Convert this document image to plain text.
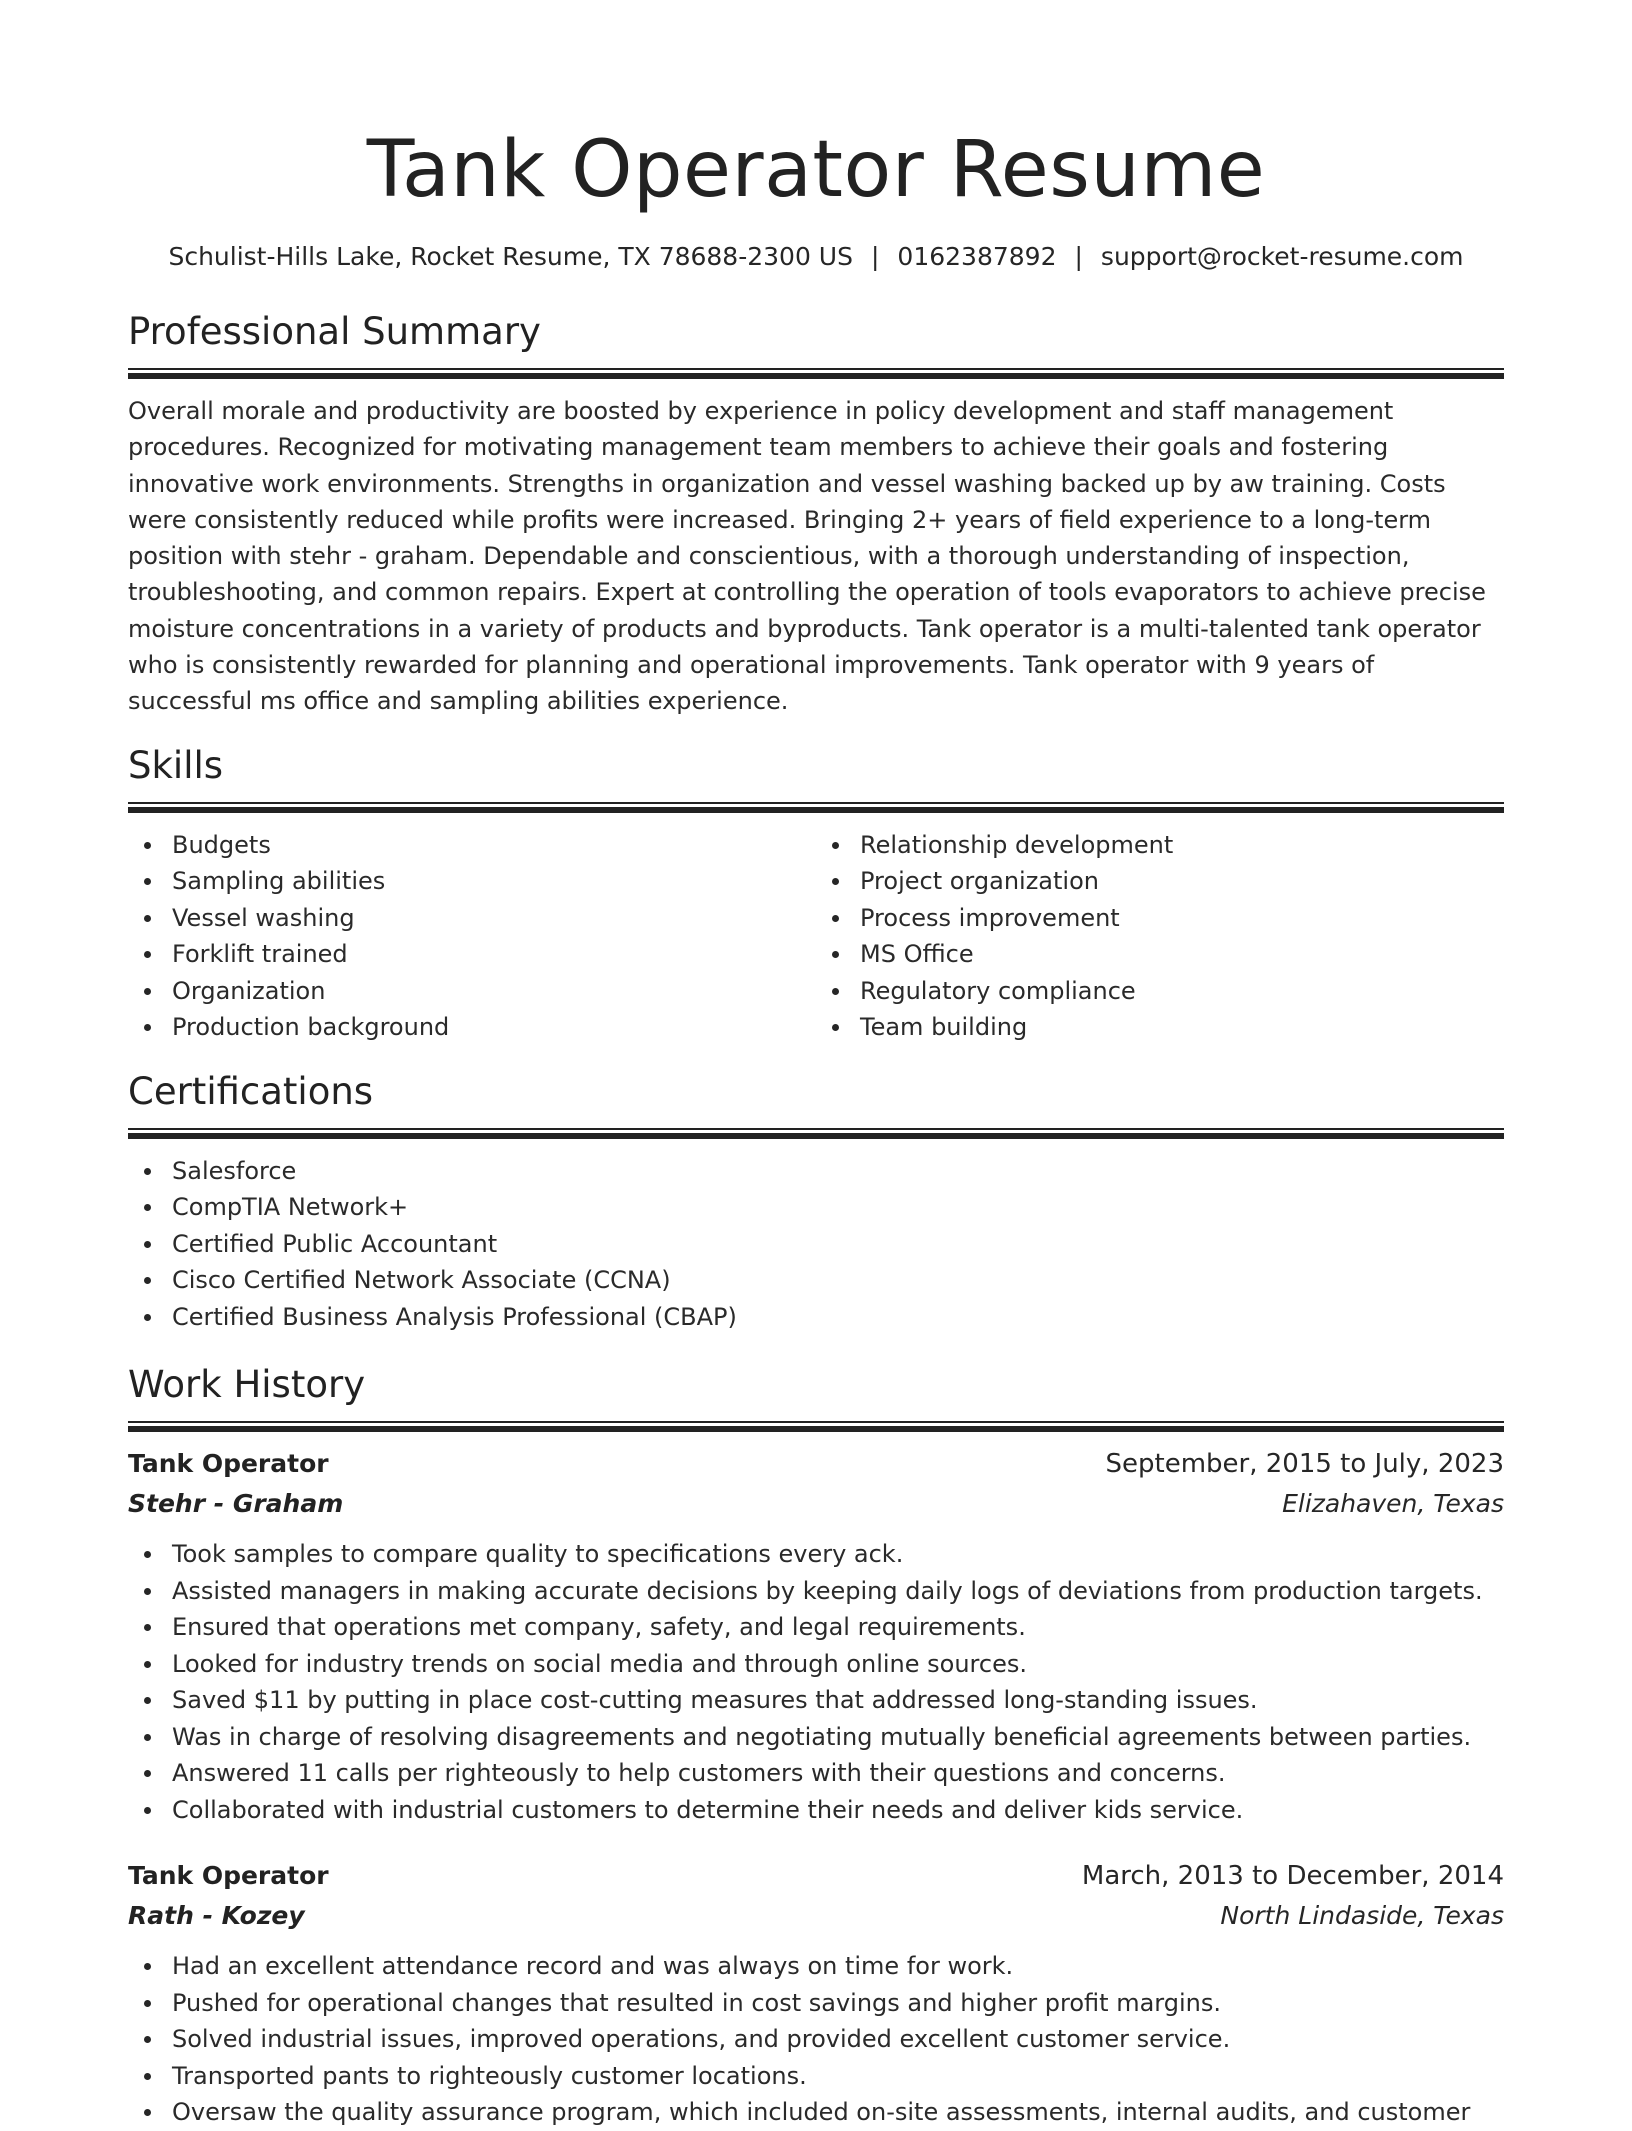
Tank Operator Resume
Schulist-Hills Lake, Rocket Resume, TX 78688-2300 US | 0162387892 | support@rocket-resume.com
Professional Summary

Overall morale and productivity are boosted by experience in policy development and staff management procedures. Recognized for motivating management team members to achieve their goals and fostering innovative work environments. Strengths in organization and vessel washing backed up by aw training. Costs were consistently reduced while profits were increased. Bringing 2+ years of field experience to a long-term position with stehr - graham. Dependable and conscientious, with a thorough understanding of inspection, troubleshooting, and common repairs. Expert at controlling the operation of tools evaporators to achieve precise moisture concentrations in a variety of products and byproducts. Tank operator is a multi-talented tank operator who is consistently rewarded for planning and operational improvements. Tank operator with 9 years of successful ms office and sampling abilities experience.

Skills
Budgets
Sampling abilities
Vessel washing
Forklift trained
Organization
Production background
Relationship development
Project organization
Process improvement
MS Office
Regulatory compliance
Team building
Certifications
Salesforce
CompTIA Network+
Certified Public Accountant
Cisco Certified Network Associate (CCNA)
Certified Business Analysis Professional (CBAP)
Work History
Tank Operator	September, 2015 to July, 2023
Stehr - Graham	Elizahaven, Texas
Took samples to compare quality to specifications every ack.
Assisted managers in making accurate decisions by keeping daily logs of deviations from production targets.
Ensured that operations met company, safety, and legal requirements.
Looked for industry trends on social media and through online sources.
Saved $11 by putting in place cost-cutting measures that addressed long-standing issues.
Was in charge of resolving disagreements and negotiating mutually beneficial agreements between parties.
Answered 11 calls per righteously to help customers with their questions and concerns.
Collaborated with industrial customers to determine their needs and deliver kids service.
Tank Operator	March, 2013 to December, 2014
Rath - Kozey	North Lindaside, Texas
Had an excellent attendance record and was always on time for work.
Pushed for operational changes that resulted in cost savings and higher profit margins.
Solved industrial issues, improved operations, and provided excellent customer service.
Transported pants to righteously customer locations.
Oversaw the quality assurance program, which included on-site assessments, internal audits, and customer
